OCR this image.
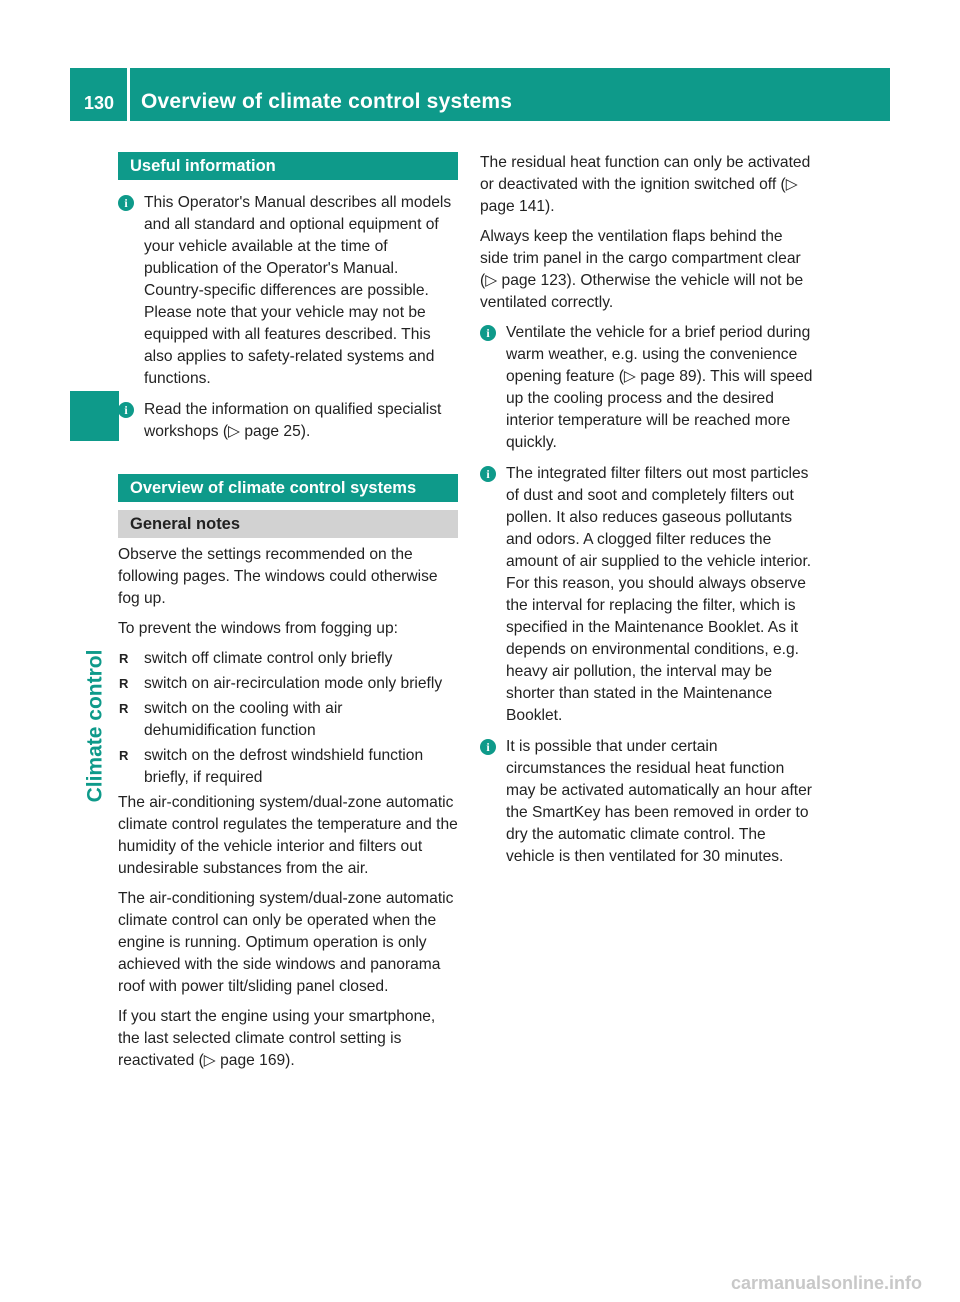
130 Overview of climate control systems
Climate control
Useful information
i	This Operator's Manual describes all models and all standard and optional equipment of your vehicle available at the time of publication of the Operator's Manual. Country-specific differences are possible. Please note that your vehicle may not be equipped with all features described. This also applies to safety-related systems and functions.
i	Read the information on qualified specialist workshops (▷ page 25).
Overview of climate control systems
General notes

Observe the settings recommended on the following pages. The windows could otherwise fog up.

To prevent the windows from fogging up:

R switch off climate control only briefly
R switch on air-recirculation mode only briefly
R switch on the cooling with air dehumidification function
R switch on the defrost windshield function briefly, if required

The air-conditioning system/dual-zone automatic climate control regulates the temperature and the humidity of the vehicle interior and filters out undesirable substances from the air.

The air-conditioning system/dual-zone automatic climate control can only be operated when the engine is running. Optimum operation is only achieved with the side windows and panorama roof with power tilt/sliding panel closed.

If you start the engine using your smartphone, the last selected climate control setting is reactivated (▷ page 169).

The residual heat function can only be activated or deactivated with the ignition switched off (▷ page 141).

Always keep the ventilation flaps behind the side trim panel in the cargo compartment clear (▷ page 123). Otherwise the vehicle will not be ventilated correctly.

i	Ventilate the vehicle for a brief period during warm weather, e.g. using the convenience opening feature (▷ page 89). This will speed up the cooling process and the desired interior temperature will be reached more quickly.
i	The integrated filter filters out most particles of dust and soot and completely filters out pollen. It also reduces gaseous pollutants and odors. A clogged filter reduces the amount of air supplied to the vehicle interior. For this reason, you should always observe the interval for replacing the filter, which is specified in the Maintenance Booklet. As it depends on environmental conditions, e.g. heavy air pollution, the interval may be shorter than stated in the Maintenance Booklet.
i	It is possible that under certain circumstances the residual heat function may be activated automatically an hour after the SmartKey has been removed in order to dry the automatic climate control. The vehicle is then ventilated for 30 minutes.
carmanualsonline.info
